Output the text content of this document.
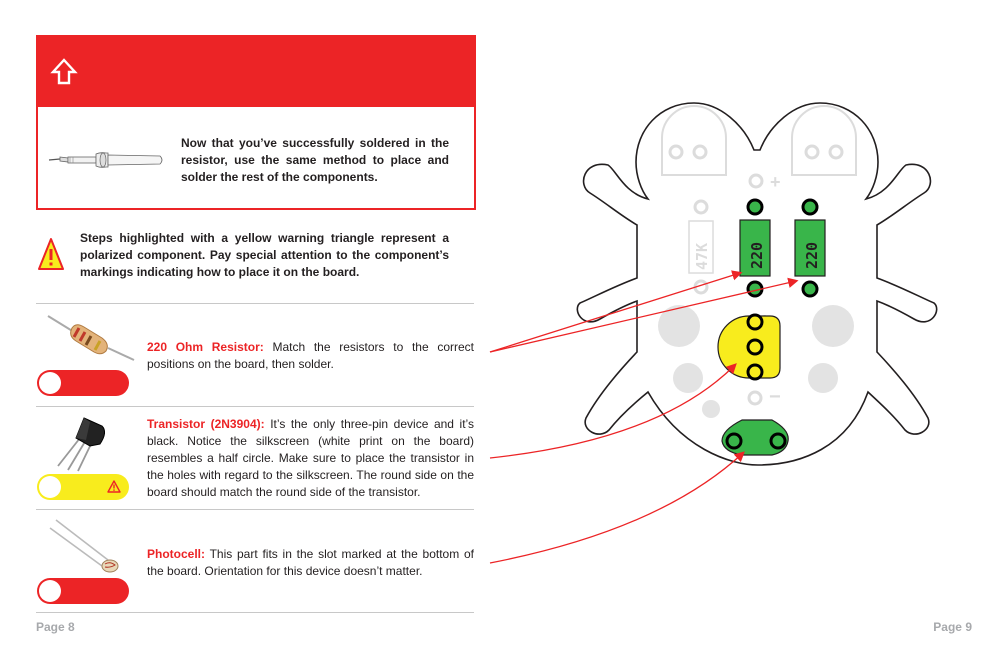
Now that you’ve successfully soldered in the resistor, use the same method to place and solder the rest of the components.
Steps highlighted with a yellow warning triangle represent a polarized component. Pay special attention to the component’s markings indicating how to place it on the board.
220 Ohm Resistor: Match the resistors to the correct positions on the board, then solder.
Transistor (2N3904): It’s the only three-pin device and it’s black. Notice the silkscreen (white print on the board) resembles a half circle. Make sure to place the transistor in the holes with regard to the silkscreen. The round side on the board should match the round side of the transistor.
Photocell: This part fits in the slot marked at the bottom of the board. Orientation for this device doesn’t matter.
+
47K 220 220
−
Page 8	Page 9
